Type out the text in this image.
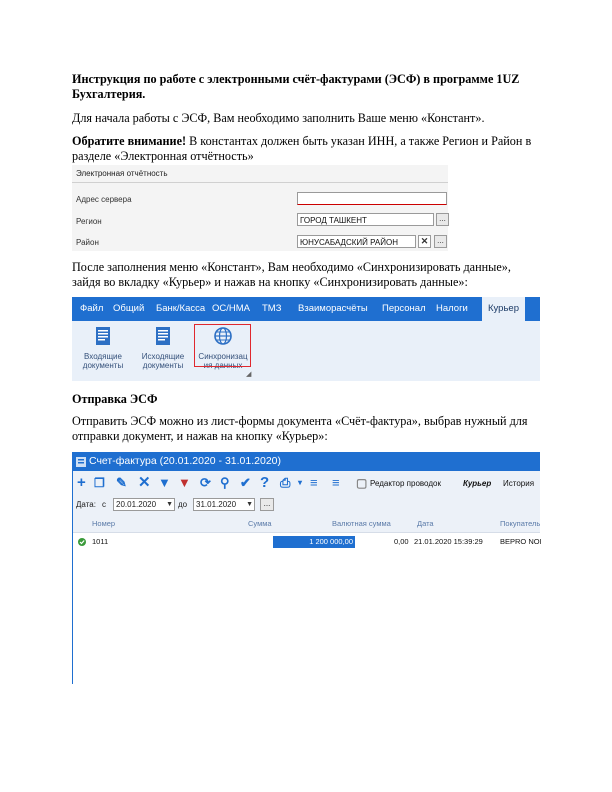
Инструкция по работе с электронными счёт-фактурами (ЭСФ) в программе 1UZ Бухгалтерия.

Для начала работы с ЭСФ, Вам необходимо заполнить Ваше меню «Констант».

Обратите внимание! В константах должен быть указан ИНН, а также Регион и Район в разделе «Электронная отчётность»

Электронная отчётность
Адрес сервера
Регион	ГОРОД ТАШКЕНТ	...
Район	ЮНУСАБАДСКИЙ РАЙОН	✕	...

После заполнения меню «Констант», Вам необходимо «Синхронизировать данные», зайдя во вкладку «Курьер» и нажав на кнопку «Синхронизировать данные»:

Файл Общий Банк/Касса ОС/НМА ТМЗ Взаиморасчёты Персонал Налоги	Курьер
Входящие
документы
Исходящие
документы
Синхронизац
ия данных
◢

Отправка ЭСФ

Отправить ЭСФ можно из лист-формы документа «Счёт-фактура», выбрав нужный для отправки документ, и нажав на кнопку «Курьер»:

Счет-фактура (20.01.2020 - 31.01.2020)
+ ❐ ✎ ✕ ▼ ▼ ⟳ ⚲ ✔ ? ⎙ ▾ ≡ ≡ ▢ Редактор проводок	Курьер История
Дата: с	20.01.2020 ▼ до	31.01.2020 ▼	...
Номер	Сумма	Валютная сумма	Дата	Покупатель
1011	1 200 000,00	0,00 21.01.2020 15:39:29 BEPRO NOI
